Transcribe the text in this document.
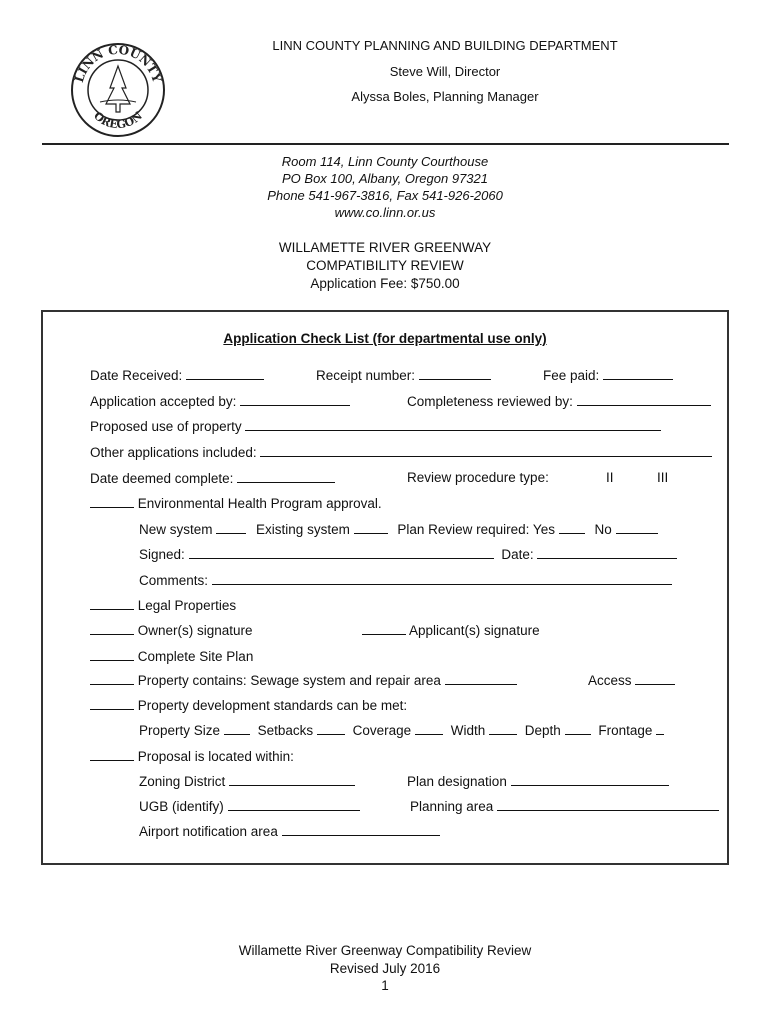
LINN COUNTY
OREGON
LINN COUNTY PLANNING AND BUILDING DEPARTMENT
Steve Will, Director
Alyssa Boles, Planning Manager
Room 114, Linn County Courthouse
PO Box 100, Albany, Oregon 97321
Phone 541-967-3816, Fax 541-926-2060
www.co.linn.or.us
WILLAMETTE RIVER GREENWAY
COMPATIBILITY REVIEW
Application Fee: $750.00
Application Check List (for departmental use only)
Date Received:	Receipt number:	Fee paid:
Application accepted by:	Completeness reviewed by:
Proposed use of property
Other applications included:
Date deemed complete:	Review procedure type:	II	III
Environmental Health Program approval.
New system	Existing system	Plan Review required: Yes	No
Signed:	Date:
Comments:
Legal Properties
Owner(s) signature	Applicant(s) signature
Complete Site Plan
Property contains: Sewage system and repair area	Access
Property development standards can be met:
Property Size	Setbacks	Coverage	Width	Depth	Frontage
Proposal is located within:
Zoning District	Plan designation
UGB (identify)	Planning area
Airport notification area
Willamette River Greenway Compatibility Review
Revised July 2016
1
